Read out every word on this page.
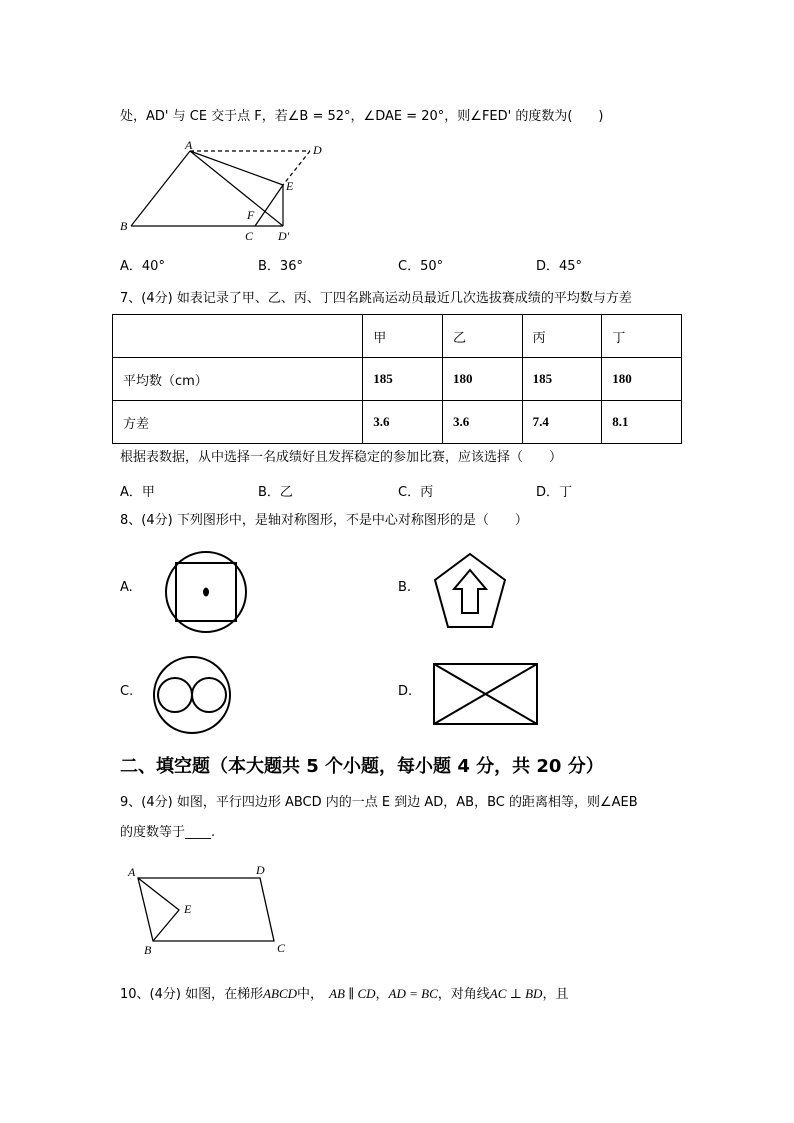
处，AD' 与 CE 交于点 F，若∠B = 52°，∠DAE = 20°，则∠FED' 的度数为(　　)
A	D
E
F
B
C D′
A．40°	B．36°	C．50°	D．45°
7、(4分) 如表记录了甲、乙、丙、丁四名跳高运动员最近几次选拔赛成绩的平均数与方差
	甲	乙	丙	丁
平均数（cm）	185	180	185	180
方差	3.6	3.6	7.4	8.1
根据表数据，从中选择一名成绩好且发挥稳定的参加比赛，应该选择（　　）
A．甲	B．乙	C．丙	D．丁
8、(4分) 下列图形中，是轴对称图形，不是中心对称图形的是（　　）
A.	B.
C.	D.
二、填空题（本大题共 5 个小题，每小题 4 分，共 20 分）
9、(4分) 如图，平行四边形 ABCD 内的一点 E 到边 AD，AB，BC 的距离相等，则∠AEB
的度数等于____.
A	D
E
B	C
10、(4分) 如图，在梯形ABCD中， AB ∥ CD，AD = BC，对角线AC ⊥ BD，且
